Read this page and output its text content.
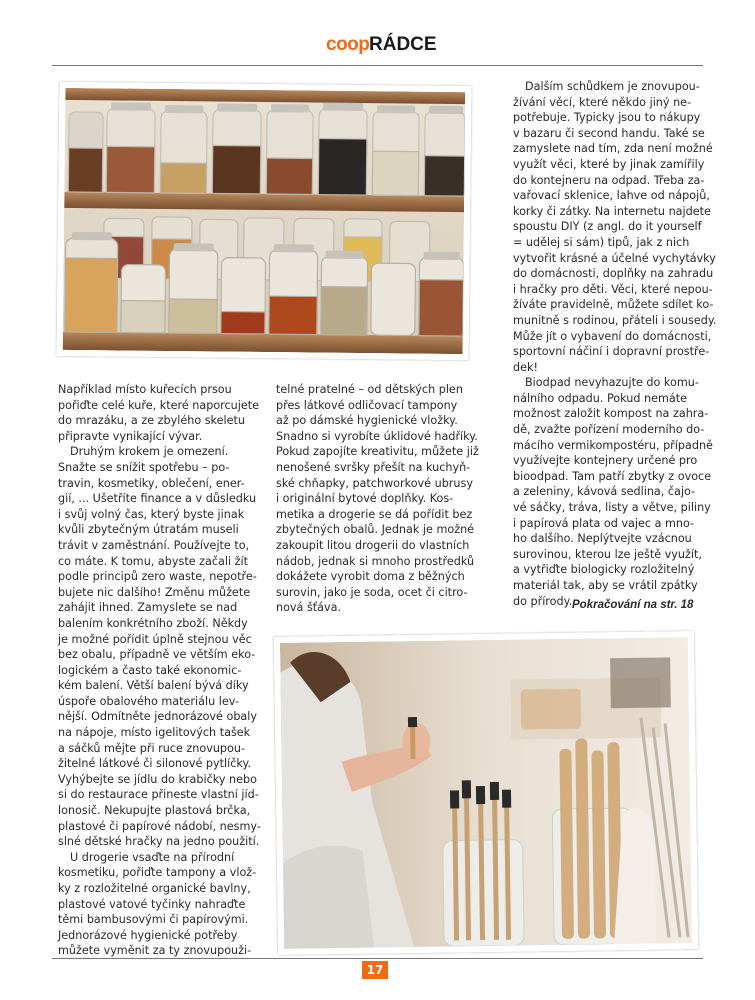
coop RÁDCE
Dalším schůdkem je znovupou-
žívání věcí, které někdo jiný ne-
potřebuje. Typicky jsou to nákupy
v bazaru či second handu. Také se
zamyslete nad tím, zda není možné
využít věci, které by jinak zamířily
do kontejneru na odpad. Třeba za-
vařovací sklenice, lahve od nápojů,
korky či zátky. Na internetu najdete
spoustu DIY (z angl. do it yourself
= udělej si sám) tipů, jak z nich
vytvořit krásné a účelné vychytávky
do domácnosti, doplňky na zahradu
i hračky pro děti. Věci, které nepou-
žíváte pravidelně, můžete sdílet ko-
munitně s rodinou, přáteli i sousedy.
Může jít o vybavení do domácnosti,
sportovní náčiní i dopravní prostře-
dek!
Biodpad nevyhazujte do komu-
nálního odpadu. Pokud nemáte
možnost založit kompost na zahra-
dě, zvažte pořízení moderního do-
mácího vermikompostéru, případně
využívejte kontejnery určené pro
bioodpad. Tam patří zbytky z ovoce
a zeleniny, kávová sedlina, čajo-
vé sáčky, tráva, listy a větve, piliny
i papírová plata od vajec a mno-
ho dalšího. Neplýtvejte vzácnou
surovinou, kterou lze ještě využít,
a vytřiďte biologicky rozložitelný
materiál tak, aby se vrátil zpátky
do přírody. Pokračování na str. 18
Například místo kuřecích prsou
pořiďte celé kuře, které naporcujete
do mrazáku, a ze zbylého skeletu
připravte vynikající vývar.
Druhým krokem je omezení.
Snažte se snížit spotřebu – po-
travin, kosmetiky, oblečení, ener-
gií, ... Ušetříte finance a v důsledku
i svůj volný čas, který byste jinak
kvůli zbytečným útratám museli
trávit v zaměstnání. Používejte to,
co máte. K tomu, abyste začali žít
podle principů zero waste, nepotře-
bujete nic dalšího! Změnu můžete
zahájit ihned. Zamyslete se nad
balením konkrétního zboží. Někdy
je možné pořídit úplně stejnou věc
bez obalu, případně ve větším eko-
logickém a často také ekonomic-
kém balení. Větší balení bývá díky
úspoře obalového materiálu lev-
nější. Odmítněte jednorázové obaly
na nápoje, místo igelitových tašek
a sáčků mějte při ruce znovupou-
žitelné látkové či silonové pytlíčky.
Vyhýbejte se jídlu do krabičky nebo
si do restaurace přineste vlastní jíd-
lonosič. Nekupujte plastová brčka,
plastové či papírové nádobí, nesmy-
slné dětské hračky na jedno použití.
U drogerie vsaďte na přírodní
kosmetiku, pořiďte tampony a vlož-
ky z rozložitelné organické bavlny,
plastové vatové tyčinky nahraďte
těmi bambusovými či papírovými.
Jednorázové hygienické potřeby
můžete vyměnit za ty znovupouži-
telné pratelné – od dětských plen
přes látkové odličovací tampony
až po dámské hygienické vložky.
Snadno si vyrobíte úklidové hadříky.
Pokud zapojíte kreativitu, můžete již
nenošené svršky přešít na kuchyň-
ské chňapky, patchworkové ubrusy
i originální bytové doplňky. Kos-
metika a drogerie se dá pořídit bez
zbytečných obalů. Jednak je možné
zakoupit litou drogerii do vlastních
nádob, jednak si mnoho prostředků
dokážete vyrobit doma z běžných
surovin, jako je soda, ocet či citro-
nová šťáva.
17
